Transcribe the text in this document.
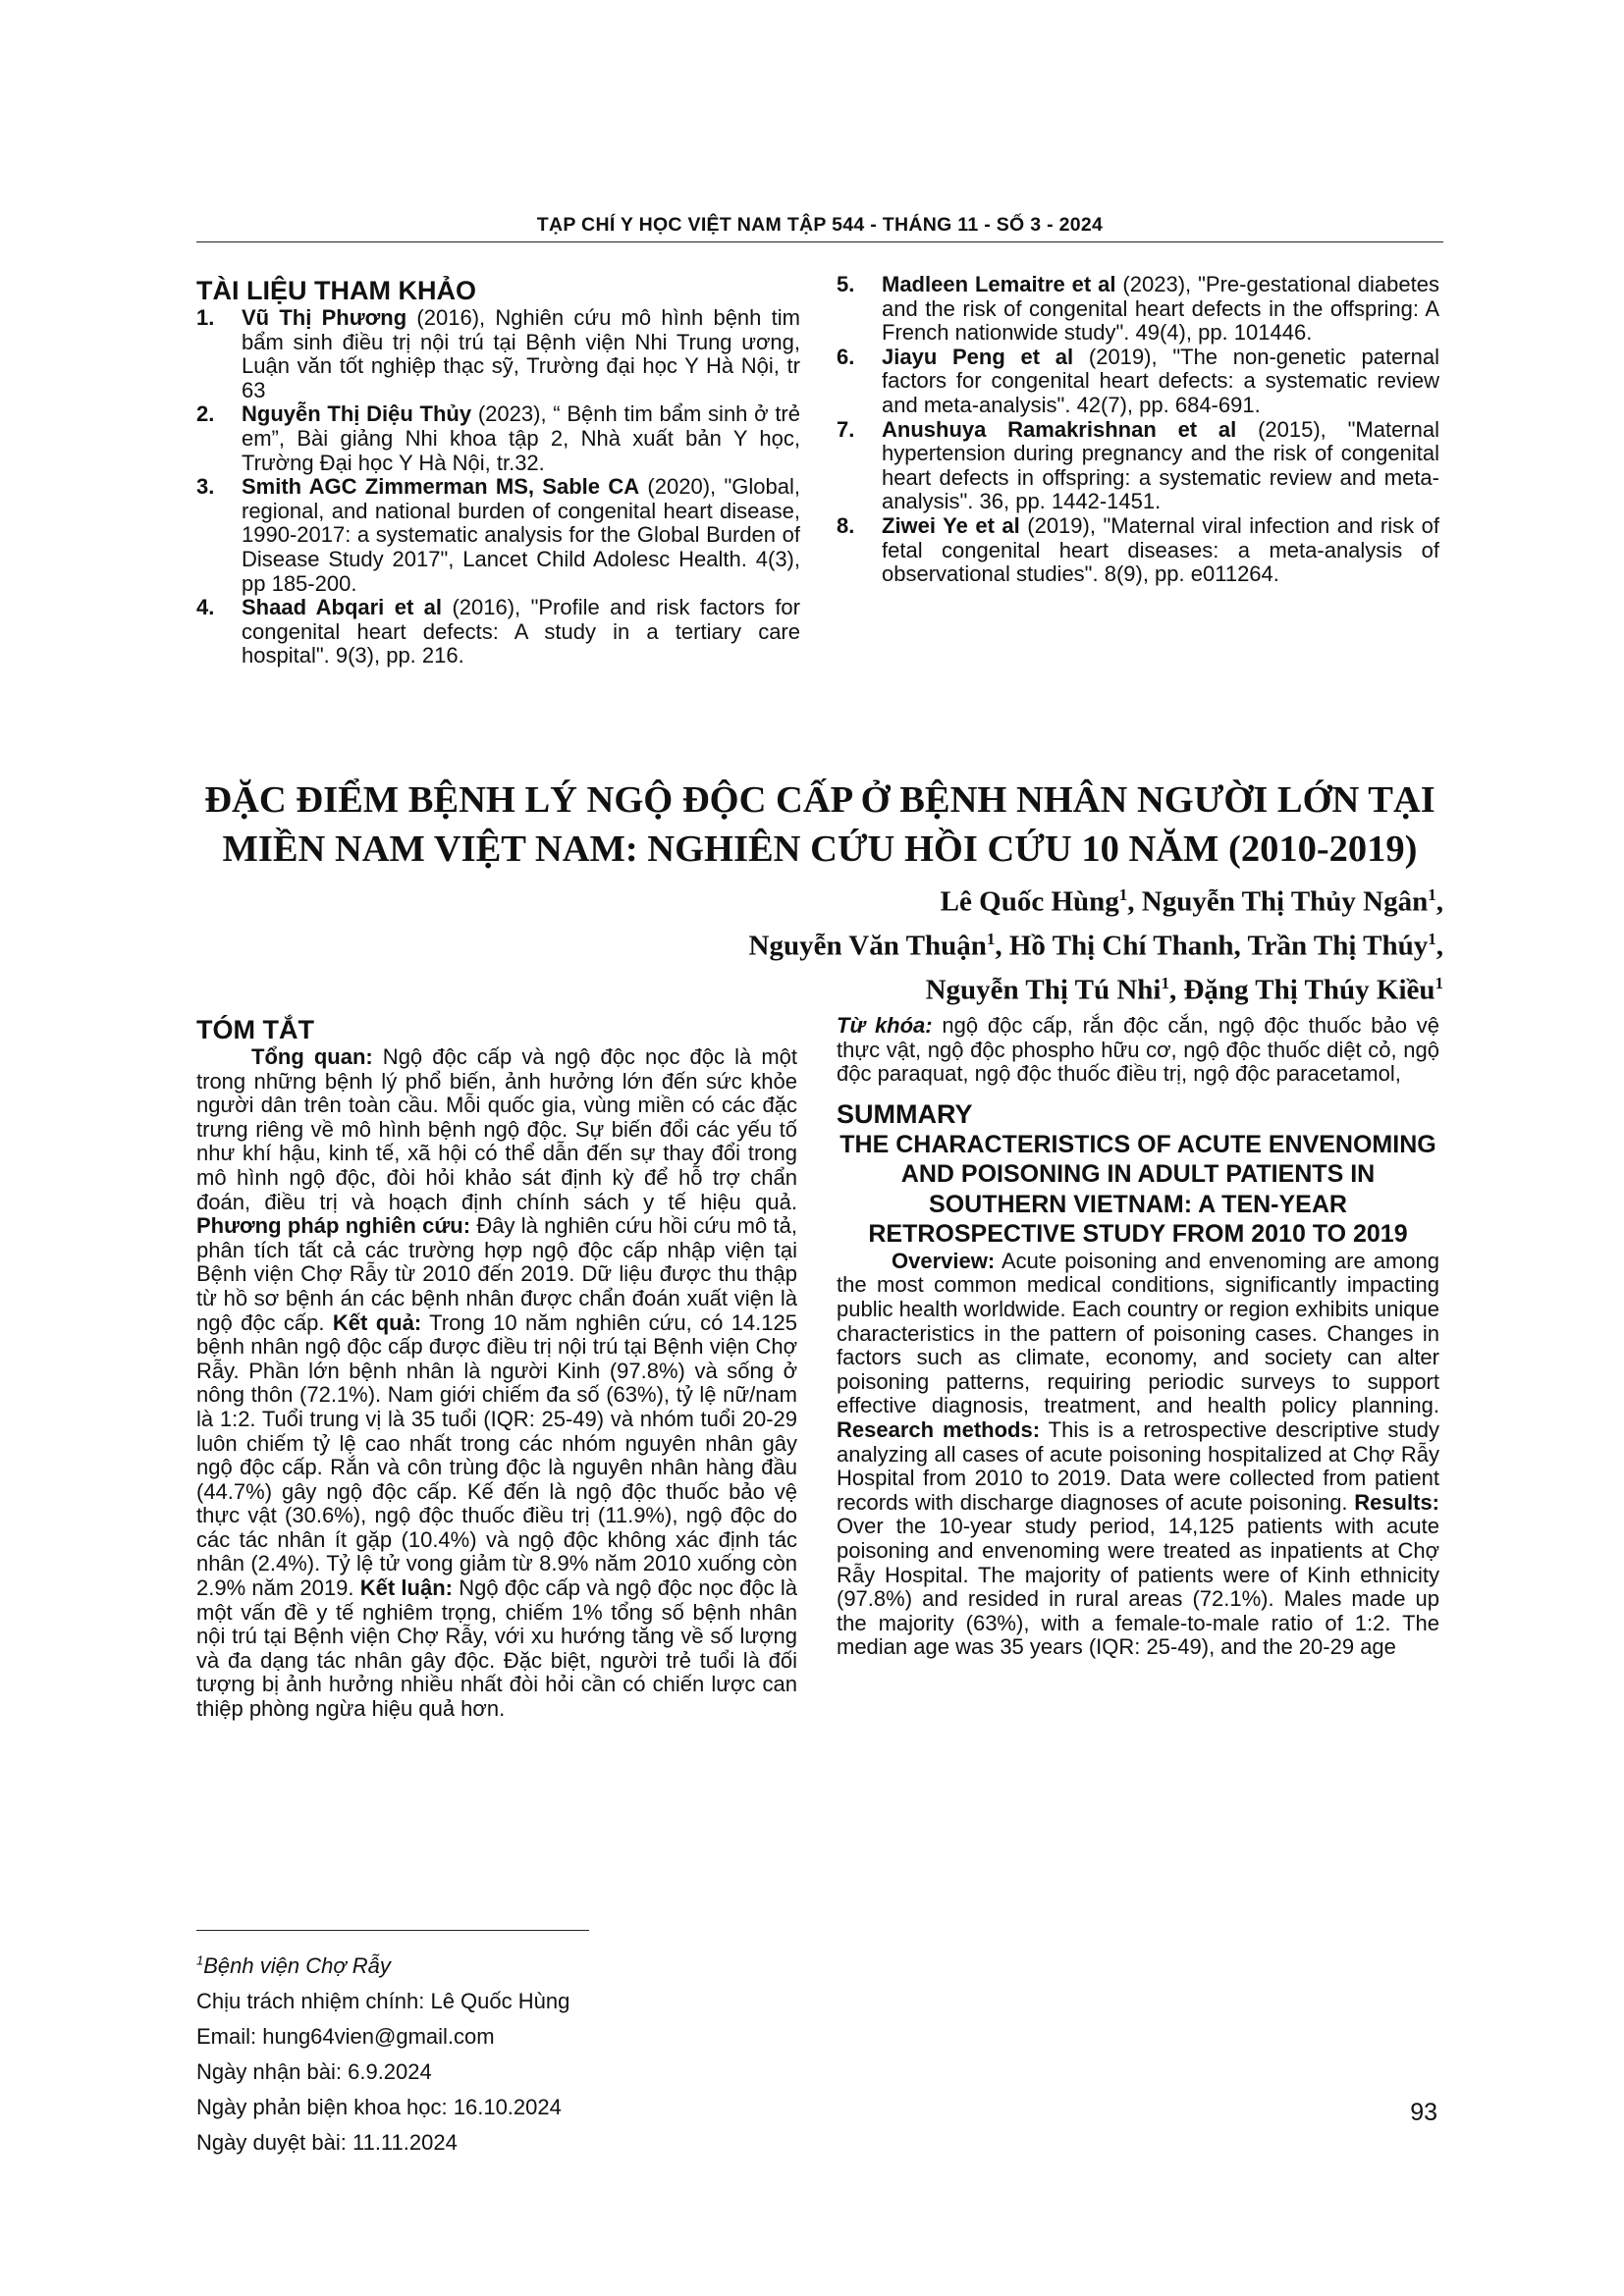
TẠP CHÍ Y HỌC VIỆT NAM TẬP 544 - THÁNG 11 - SỐ 3 - 2024
TÀI LIỆU THAM KHẢO
1.	Vũ Thị Phương (2016), Nghiên cứu mô hình bệnh tim bẩm sinh điều trị nội trú tại Bệnh viện Nhi Trung ương, Luận văn tốt nghiệp thạc sỹ, Trường đại học Y Hà Nội, tr 63
2.	Nguyễn Thị Diệu Thủy (2023), “ Bệnh tim bẩm sinh ở trẻ em”, Bài giảng Nhi khoa tập 2, Nhà xuất bản Y học, Trường Đại học Y Hà Nội, tr.32.
3.	Smith AGC Zimmerman MS, Sable CA (2020), "Global, regional, and national burden of congenital heart disease, 1990-2017: a systematic analysis for the Global Burden of Disease Study 2017", Lancet Child Adolesc Health. 4(3), pp 185-200.
4.	Shaad Abqari et al (2016), "Profile and risk factors for congenital heart defects: A study in a tertiary care hospital". 9(3), pp. 216.
5.	Madleen Lemaitre et al (2023), "Pre-gestational diabetes and the risk of congenital heart defects in the offspring: A French nationwide study". 49(4), pp. 101446.
6.	Jiayu Peng et al (2019), "The non-genetic paternal factors for congenital heart defects: a systematic review and meta-analysis". 42(7), pp. 684-691.
7.	Anushuya Ramakrishnan et al (2015), "Maternal hypertension during pregnancy and the risk of congenital heart defects in offspring: a systematic review and meta-analysis". 36, pp. 1442-1451.
8.	Ziwei Ye et al (2019), "Maternal viral infection and risk of fetal congenital heart diseases: a meta-analysis of observational studies". 8(9), pp. e011264.
ĐẶC ĐIỂM BỆNH LÝ NGỘ ĐỘC CẤP Ở BỆNH NHÂN NGƯỜI LỚN TẠI
MIỀN NAM VIỆT NAM: NGHIÊN CỨU HỒI CỨU 10 NĂM (2010-2019)
Lê Quốc Hùng$^1$, Nguyễn Thị Thủy Ngân$^1$,
Nguyễn Văn Thuận$^1$, Hồ Thị Chí Thanh, Trần Thị Thúy$^1$,
Nguyễn Thị Tú Nhi$^1$, Đặng Thị Thúy Kiều$^1$
TÓM TẮT

Tổng quan: Ngộ độc cấp và ngộ độc nọc độc là một trong những bệnh lý phổ biến, ảnh hưởng lớn đến sức khỏe người dân trên toàn cầu. Mỗi quốc gia, vùng miền có các đặc trưng riêng về mô hình bệnh ngộ độc. Sự biến đổi các yếu tố như khí hậu, kinh tế, xã hội có thể dẫn đến sự thay đổi trong mô hình ngộ độc, đòi hỏi khảo sát định kỳ để hỗ trợ chẩn đoán, điều trị và hoạch định chính sách y tế hiệu quả. Phương pháp nghiên cứu: Đây là nghiên cứu hồi cứu mô tả, phân tích tất cả các trường hợp ngộ độc cấp nhập viện tại Bệnh viện Chợ Rẫy từ 2010 đến 2019. Dữ liệu được thu thập từ hồ sơ bệnh án các bệnh nhân được chẩn đoán xuất viện là ngộ độc cấp. Kết quả: Trong 10 năm nghiên cứu, có 14.125 bệnh nhân ngộ độc cấp được điều trị nội trú tại Bệnh viện Chợ Rẫy. Phần lớn bệnh nhân là người Kinh (97.8%) và sống ở nông thôn (72.1%). Nam giới chiếm đa số (63%), tỷ lệ nữ/nam là 1:2. Tuổi trung vị là 35 tuổi (IQR: 25-49) và nhóm tuổi 20-29 luôn chiếm tỷ lệ cao nhất trong các nhóm nguyên nhân gây ngộ độc cấp. Rắn và côn trùng độc là nguyên nhân hàng đầu (44.7%) gây ngộ độc cấp. Kế đến là ngộ độc thuốc bảo vệ thực vật (30.6%), ngộ độc thuốc điều trị (11.9%), ngộ độc do các tác nhân ít gặp (10.4%) và ngộ độc không xác định tác nhân (2.4%). Tỷ lệ tử vong giảm từ 8.9% năm 2010 xuống còn 2.9% năm 2019. Kết luận: Ngộ độc cấp và ngộ độc nọc độc là một vấn đề y tế nghiêm trọng, chiếm 1% tổng số bệnh nhân nội trú tại Bệnh viện Chợ Rẫy, với xu hướng tăng về số lượng và đa dạng tác nhân gây độc. Đặc biệt, người trẻ tuổi là đối tượng bị ảnh hưởng nhiều nhất đòi hỏi cần có chiến lược can thiệp phòng ngừa hiệu quả hơn.

$^1$Bệnh viện Chợ Rẫy
Chịu trách nhiệm chính: Lê Quốc Hùng
Email: hung64vien@gmail.com
Ngày nhận bài: 6.9.2024
Ngày phản biện khoa học: 16.10.2024
Ngày duyệt bài: 11.11.2024
Từ khóa: ngộ độc cấp, rắn độc cắn, ngộ độc thuốc bảo vệ thực vật, ngộ độc phospho hữu cơ, ngộ độc thuốc diệt cỏ, ngộ độc paraquat, ngộ độc thuốc điều trị, ngộ độc paracetamol,
SUMMARY
THE CHARACTERISTICS OF ACUTE ENVENOMING AND POISONING IN ADULT PATIENTS IN SOUTHERN VIETNAM: A TEN-YEAR RETROSPECTIVE STUDY FROM 2010 TO 2019

Overview: Acute poisoning and envenoming are among the most common medical conditions, significantly impacting public health worldwide. Each country or region exhibits unique characteristics in the pattern of poisoning cases. Changes in factors such as climate, economy, and society can alter poisoning patterns, requiring periodic surveys to support effective diagnosis, treatment, and health policy planning. Research methods: This is a retrospective descriptive study analyzing all cases of acute poisoning hospitalized at Chợ Rẫy Hospital from 2010 to 2019. Data were collected from patient records with discharge diagnoses of acute poisoning. Results: Over the 10-year study period, 14,125 patients with acute poisoning and envenoming were treated as inpatients at Chợ Rẫy Hospital. The majority of patients were of Kinh ethnicity (97.8%) and resided in rural areas (72.1%). Males made up the majority (63%), with a female-to-male ratio of 1:2. The median age was 35 years (IQR: 25-49), and the 20-29 age

93
